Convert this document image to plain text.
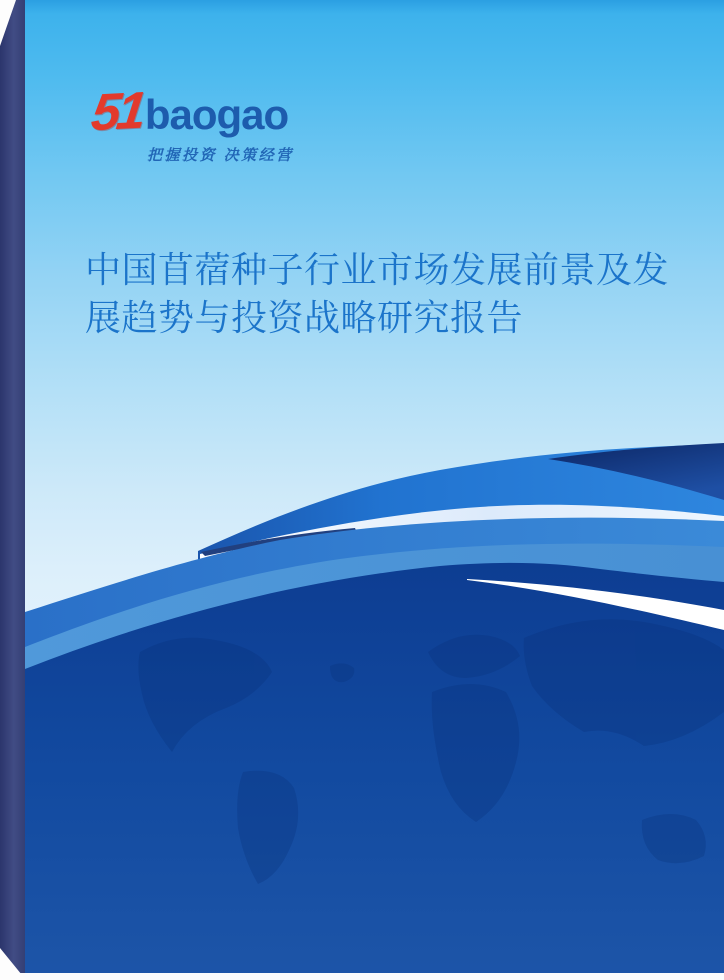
51 baogao
把握投资 决策经营
中国苜蓿种子行业市场发展前景及发
展趋势与投资战略研究报告
